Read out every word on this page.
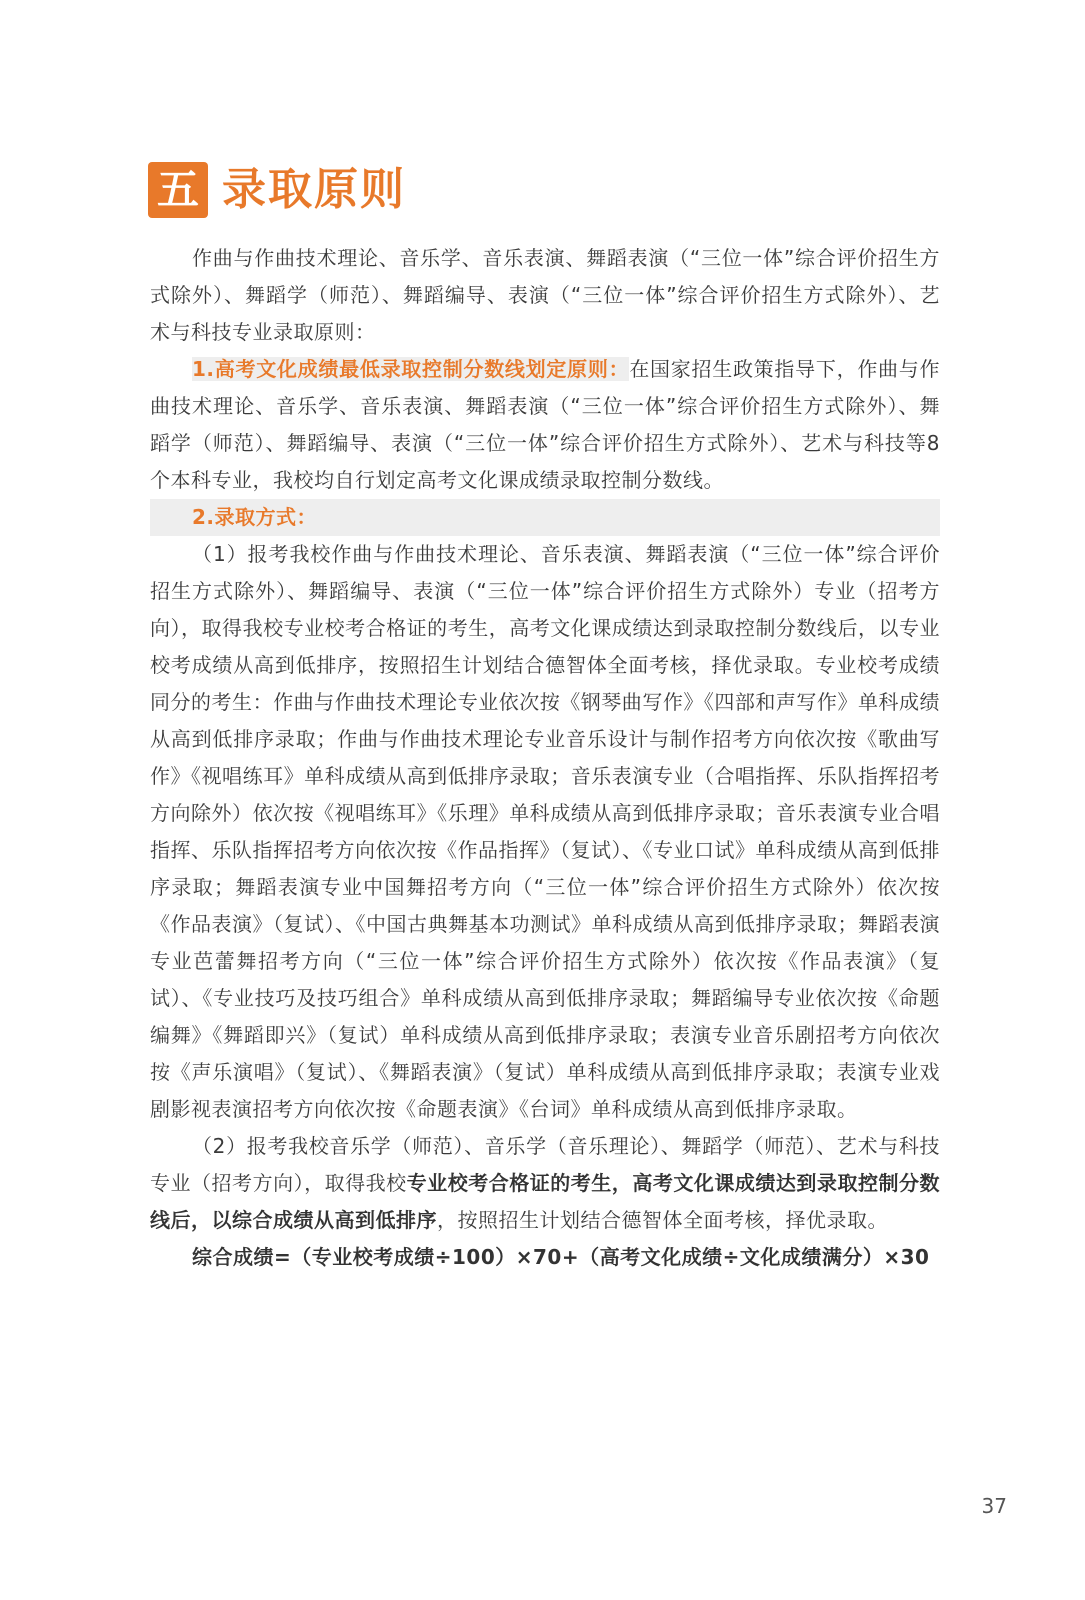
五 录取原则

作曲与作曲技术理论、音乐学、音乐表演、舞蹈表演（“三位一体”综合评价招生方式除外）、舞蹈学（师范）、舞蹈编导、表演（“三位一体”综合评价招生方式除外）、艺术与科技专业录取原则：

1.高考文化成绩最低录取控制分数线划定原则：在国家招生政策指导下，作曲与作曲技术理论、音乐学、音乐表演、舞蹈表演（“三位一体”综合评价招生方式除外）、舞蹈学（师范）、舞蹈编导、表演（“三位一体”综合评价招生方式除外）、艺术与科技等8个本科专业，我校均自行划定高考文化课成绩录取控制分数线。

2.录取方式：

（1）报考我校作曲与作曲技术理论、音乐表演、舞蹈表演（“三位一体”综合评价招生方式除外）、舞蹈编导、表演（“三位一体”综合评价招生方式除外）专业（招考方向），取得我校专业校考合格证的考生，高考文化课成绩达到录取控制分数线后，以专业校考成绩从高到低排序，按照招生计划结合德智体全面考核，择优录取。专业校考成绩同分的考生：作曲与作曲技术理论专业依次按《钢琴曲写作》《四部和声写作》单科成绩从高到低排序录取；作曲与作曲技术理论专业音乐设计与制作招考方向依次按《歌曲写作》《视唱练耳》单科成绩从高到低排序录取；音乐表演专业（合唱指挥、乐队指挥招考方向除外）依次按《视唱练耳》《乐理》单科成绩从高到低排序录取；音乐表演专业合唱指挥、乐队指挥招考方向依次按《作品指挥》（复试）、《专业口试》单科成绩从高到低排序录取；舞蹈表演专业中国舞招考方向（“三位一体”综合评价招生方式除外）依次按《作品表演》（复试）、《中国古典舞基本功测试》单科成绩从高到低排序录取；舞蹈表演专业芭蕾舞招考方向（“三位一体”综合评价招生方式除外）依次按《作品表演》（复试）、《专业技巧及技巧组合》单科成绩从高到低排序录取；舞蹈编导专业依次按《命题编舞》《舞蹈即兴》（复试）单科成绩从高到低排序录取；表演专业音乐剧招考方向依次按《声乐演唱》（复试）、《舞蹈表演》（复试）单科成绩从高到低排序录取；表演专业戏剧影视表演招考方向依次按《命题表演》《台词》单科成绩从高到低排序录取。

（2）报考我校音乐学（师范）、音乐学（音乐理论）、舞蹈学（师范）、艺术与科技专业（招考方向），取得我校专业校考合格证的考生，高考文化课成绩达到录取控制分数线后，以综合成绩从高到低排序，按照招生计划结合德智体全面考核，择优录取。

综合成绩=（专业校考成绩÷100）×70+（高考文化成绩÷文化成绩满分）×30

37
